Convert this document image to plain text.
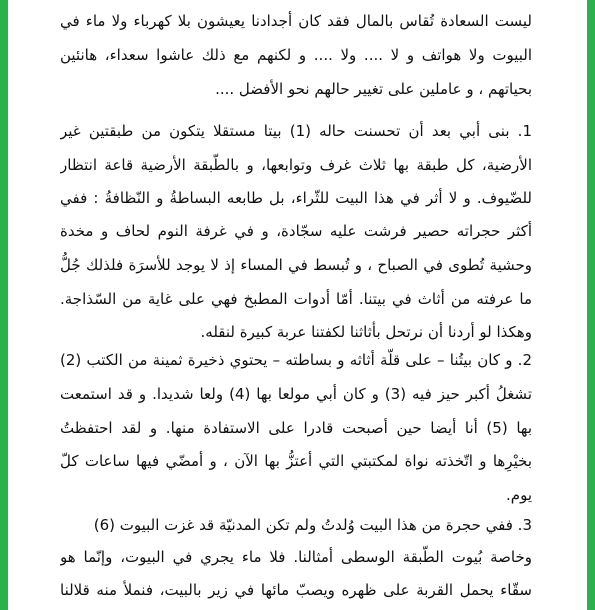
ليست السعادة تُقاس بالمال فقد كان أجدادنا يعيشون بلا كهرباء ولا ماء في
البيوت ولا هواتف و لا .... ولا .... و لكنهم مع ذلك عاشوا سعداء، هانئين
بحياتهم ، و عاملين على تغيير حالهم نحو الأفضل ....
1. بنى أبي بعد أن تحسنت حاله (1) بيتا مستقلا يتكون من طبقتين غير
الأرضية، كل طبقة بها ثلاث غرف وتوابعها، و بالطّبقة الأرضية قاعة انتظار
للضّيوف. و لا أثر في هذا البيت للثّراء، بل طابعه البساطةُ و النّظافةُ : ففي
أكثر حجراته حصير فرشت عليه سجّادة، و في غرفة النوم لحاف و مخدة
وحشية تُطوى في الصباح ، و تُبسط في المساء إذ لا يوجد للأسرَة فلذلك جُلُّ
ما عرفته من أثاث في بيتنا. أمّا أدوات المطبخ فهي على غاية من السّذاجة.
وهكذا لو أردنا أن نرتحل بأثاثنا لكفتنا عربة كبيرة لنقله.
2. و كان بيتُنا – على قلّة أثاثه و بساطته – يحتوي ذخيرة ثمينة من الكتب (2)
تشغلُ أكبر حيز فيه (3) و كان أبي مولعا بها (4) ولعا شديدا. و قد استمعت
بها (5) أنا أيضا حين أصبحت قادرا على الاستفادة منها. و لقد احتفظتُ
بخيْرِها و اتّخذته نواة لمكتبتي التي أعتزُّ بها الآن ، و أمضّي فيها ساعات كلّ
يوم.
3. ففي حجرة من هذا البيت وُلدتُ ولم تكن المدنيّة قد غزت البيوت (6)
وخاصة بُيوت الطّبقة الوسطى أمثالنا. فلا ماء يجري في البيوت، وإنّما هو
سقّاء يحمل القربة على ظهره ويصبّ مائها في زير بالبيت، فنملأ منه قلالنا
